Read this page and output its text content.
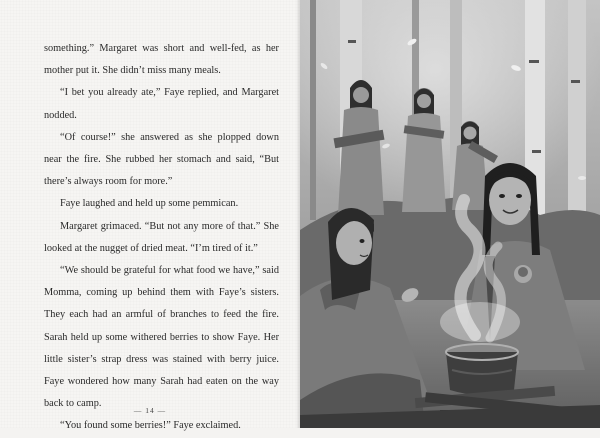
something.” Margaret was short and well-fed, as her mother put it. She didn’t miss many meals.

“I bet you already ate,” Faye replied, and Margaret nodded.

“Of course!” she answered as she plopped down near the fire. She rubbed her stomach and said, “But there’s always room for more.”

Faye laughed and held up some pemmican.

Margaret grimaced. “But not any more of that.” She looked at the nugget of dried meat. “I’m tired of it.”

“We should be grateful for what food we have,” said Momma, coming up behind them with Faye’s sisters. They each had an armful of branches to feed the fire. Sarah held up some withered berries to show Faye. Her little sister’s strap dress was stained with berry juice. Faye wondered how many Sarah had eaten on the way back to camp.

“You found some berries!” Faye exclaimed.

— 14 —
